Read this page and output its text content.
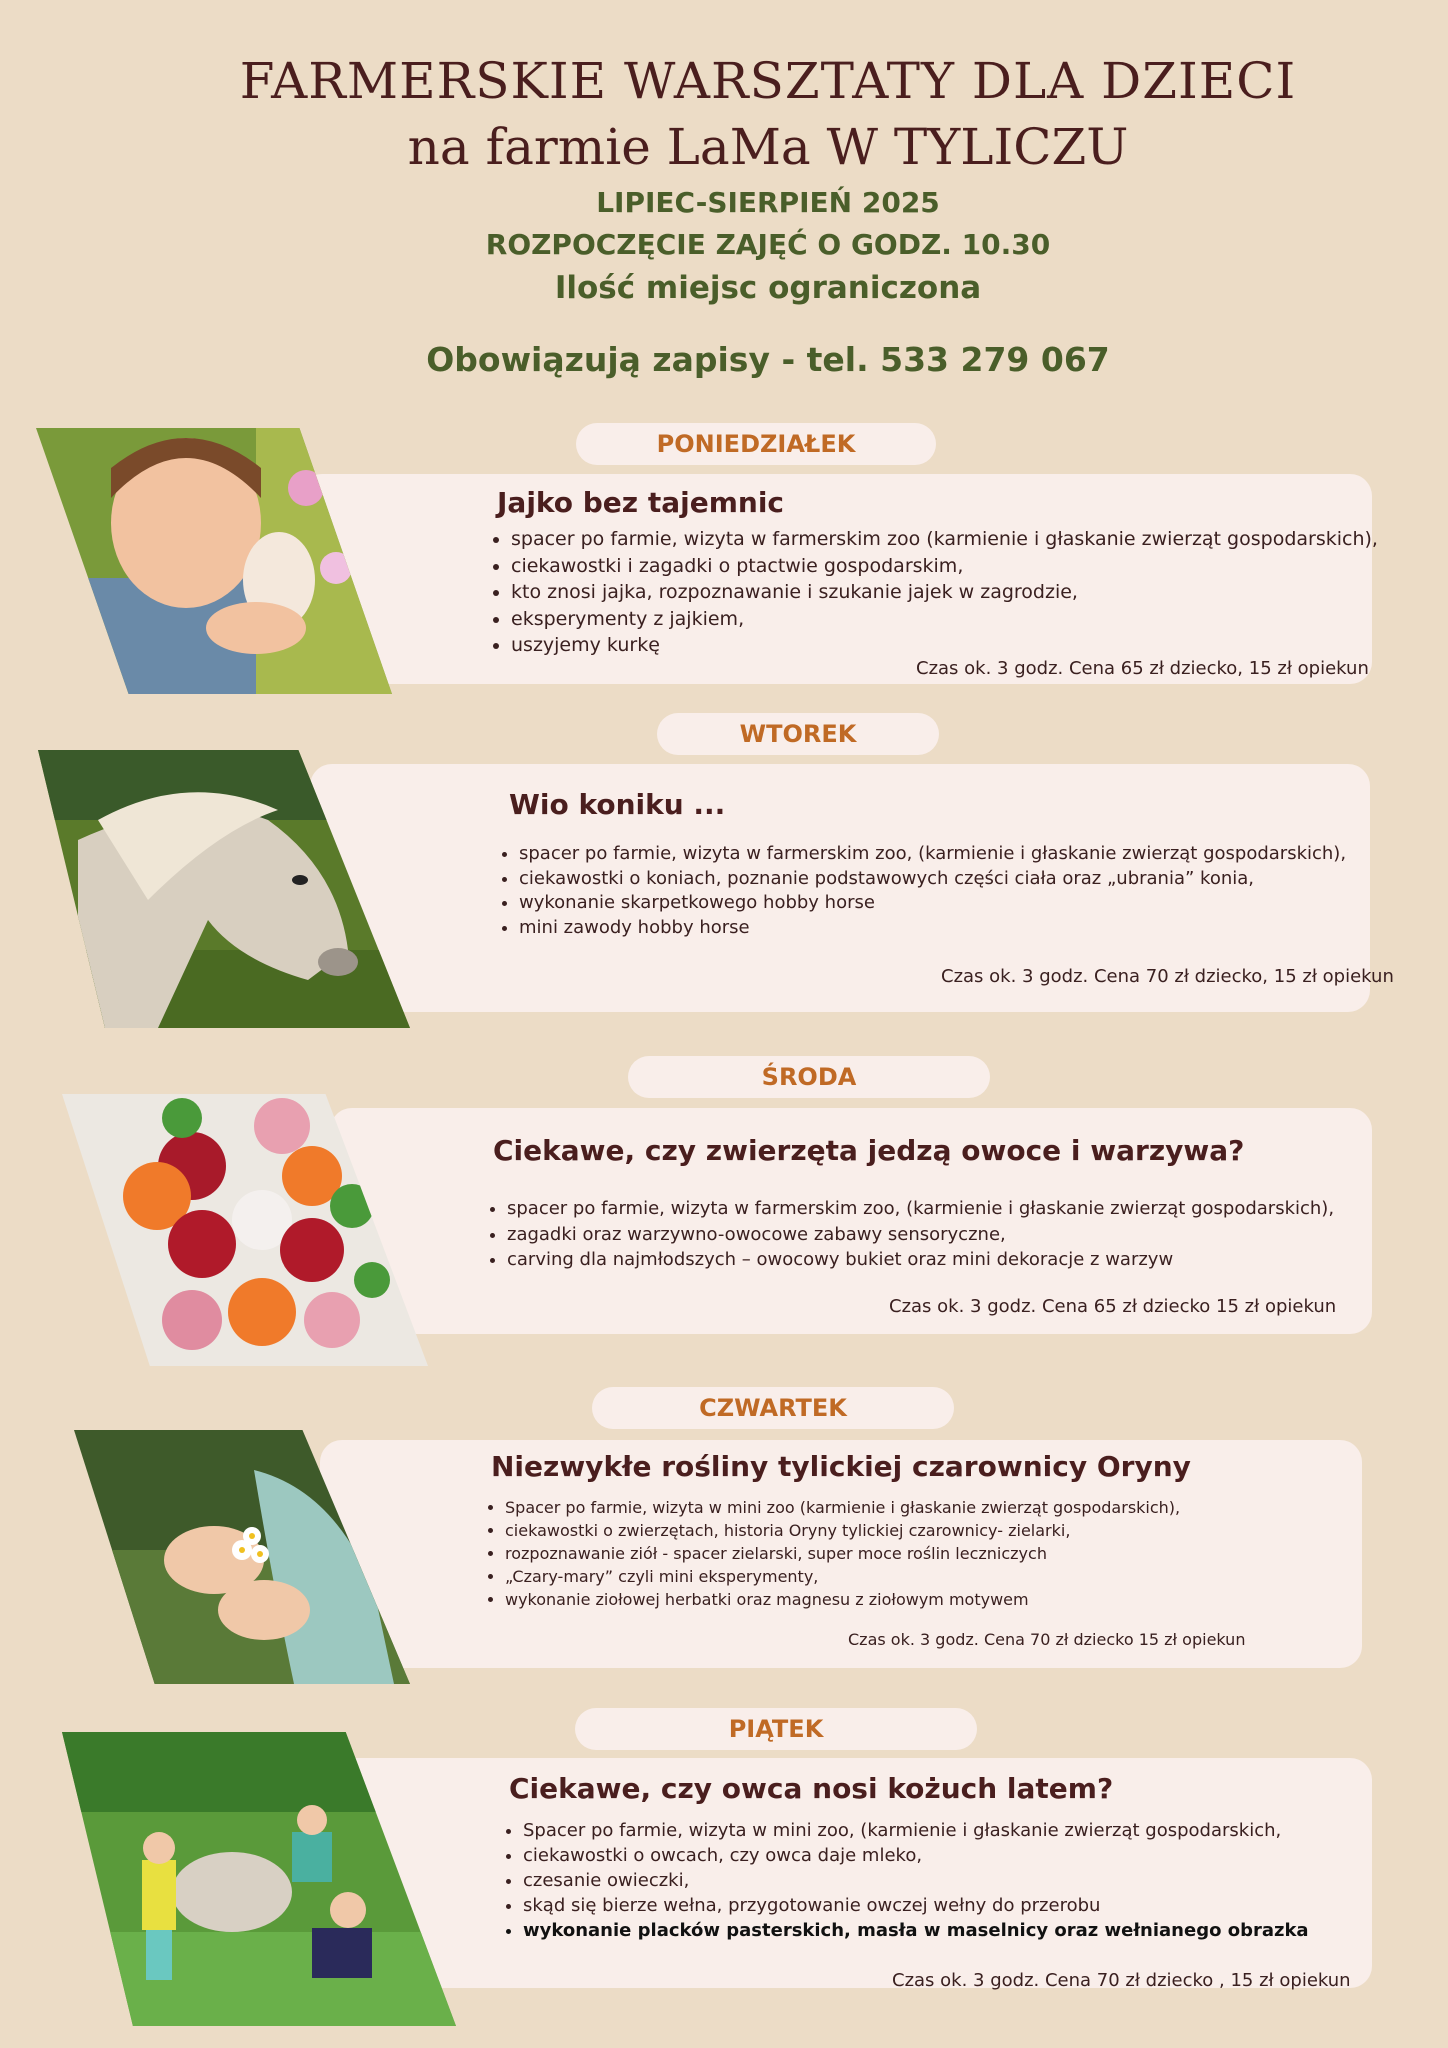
FARMERSKIE WARSZTATY DLA DZIECI
na farmie LaMa W TYLICZU
LIPIEC-SIERPIEŃ 2025
ROZPOCZĘCIE ZAJĘĆ O GODZ. 10.30
Ilość miejsc ograniczona
Obowiązują zapisy - tel. 533 279 067
PONIEDZIAŁEK
Jajko bez tajemnic
• spacer po farmie, wizyta w farmerskim zoo (karmienie i głaskanie zwierząt gospodarskich),
• ciekawostki i zagadki o ptactwie gospodarskim,
• kto znosi jajka, rozpoznawanie i szukanie jajek w zagrodzie,
• eksperymenty z jajkiem,
• uszyjemy kurkę
Czas ok. 3 godz. Cena 65 zł dziecko, 15 zł opiekun
WTOREK
Wio koniku ...
• spacer po farmie, wizyta w farmerskim zoo, (karmienie i głaskanie zwierząt gospodarskich),
• ciekawostki o koniach, poznanie podstawowych części ciała oraz „ubrania” konia,
• wykonanie skarpetkowego hobby horse
• mini zawody hobby horse
Czas ok. 3 godz. Cena 70 zł dziecko, 15 zł opiekun
ŚRODA
Ciekawe, czy zwierzęta jedzą owoce i warzywa?
• spacer po farmie, wizyta w farmerskim zoo, (karmienie i głaskanie zwierząt gospodarskich),
• zagadki oraz warzywno-owocowe zabawy sensoryczne,
• carving dla najmłodszych – owocowy bukiet oraz mini dekoracje z warzyw
Czas ok. 3 godz. Cena 65 zł dziecko 15 zł opiekun
CZWARTEK
Niezwykłe rośliny tylickiej czarownicy Oryny
• Spacer po farmie, wizyta w mini zoo (karmienie i głaskanie zwierząt gospodarskich),
• ciekawostki o zwierzętach, historia Oryny tylickiej czarownicy- zielarki,
• rozpoznawanie ziół - spacer zielarski, super moce roślin leczniczych
• „Czary-mary” czyli mini eksperymenty,
• wykonanie ziołowej herbatki oraz magnesu z ziołowym motywem
Czas ok. 3 godz. Cena 70 zł dziecko 15 zł opiekun
PIĄTEK
Ciekawe, czy owca nosi kożuch latem?
• Spacer po farmie, wizyta w mini zoo, (karmienie i głaskanie zwierząt gospodarskich,
• ciekawostki o owcach, czy owca daje mleko,
• czesanie owieczki,
• skąd się bierze wełna, przygotowanie owczej wełny do przerobu
• wykonanie placków pasterskich, masła w maselnicy oraz wełnianego obrazka
Czas ok. 3 godz. Cena 70 zł dziecko , 15 zł opiekun
